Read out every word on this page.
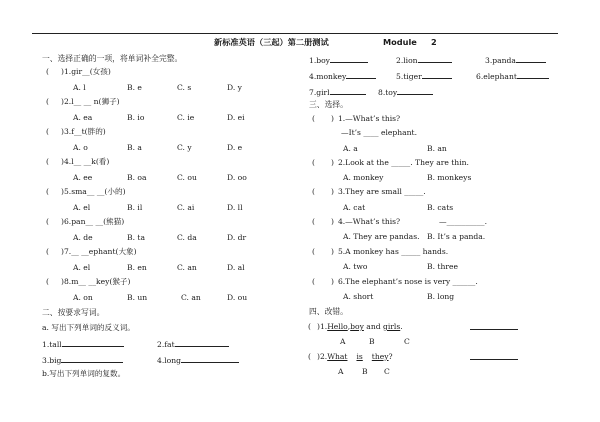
新标准英语（三起）第二册测试	Module 2
一、选择正确的一项，将单词补全完整。
( )1.gir__(女孩)
A. l	B. e	C. s	D. y
( )2.l__ __ n(狮子)
A. ea	B. io	C. ie	D. ei
( )3.f__t(胖的)
A. o	B. a	C. y	D. e
( )4.l__ __k(看)
A. ee	B. oa	C. ou	D. oo
( )5.sma__ __(小的)
A. el	B. il	C. ai	D. ll
( )6.pan__ __(熊猫)
A. de	B. ta	C. da	D. dr
( )7.__ __ephant(大象)
A. el	B. en	C. an	D. al
( )8.m__ __key(猴子)
A. on	B. un	C. an	D. ou
二、按要求写词。
a. 写出下列单词的反义词。
1.tall	2.fat
3.big	4.long
b.写出下列单词的复数。
1.boy	2.lion	3.panda
4.monkey	5.tiger	6.elephant
7.girl	8.toy
三、选择。
( ) 1.—What’s this?
—It’s ____ elephant.
A. a	B. an
( ) 2.Look at the _____. They are thin.
A. monkey	B. monkeys
( ) 3.They are small _____.
A. cat	B. cats
( ) 4.—What’s this?	—__________.
A. They are pandas. B. It’s a panda.
( ) 5.A monkey has _____ hands.
A. two	B. three
( ) 6.The elephant’s nose is very ______.
A. short	B. long
四、改错。
( )1.Hello,boy and girls.
A	B	C
( )2.What is they?
A B C
